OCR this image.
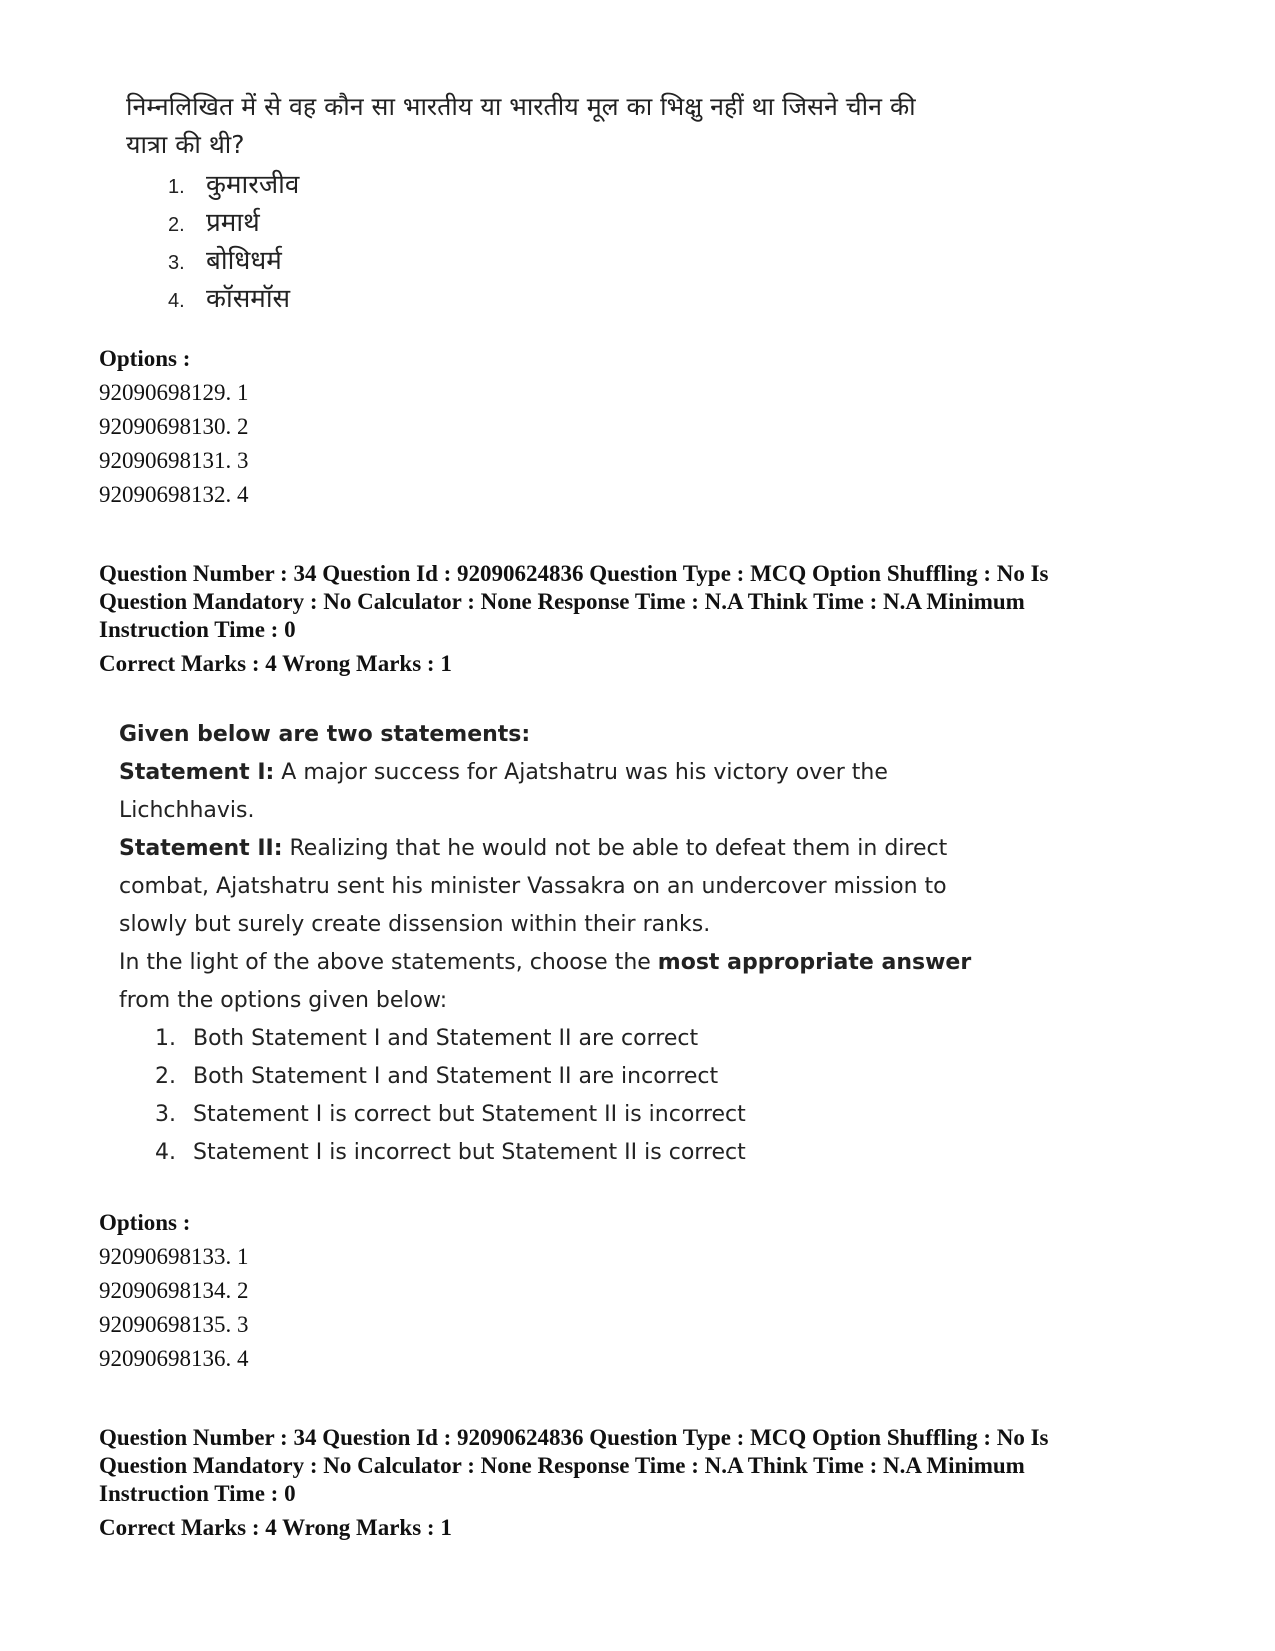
निम्नलिखित में से वह कौन सा भारतीय या भारतीय मूल का भिक्षु नहीं था जिसने चीन की यात्रा की थी?

1. कुमारजीव
2. प्रमार्थ
3. बोधिधर्म
4. कॉसमॉस
Options :
92090698129. 1
92090698130. 2
92090698131. 3
92090698132. 4
Question Number : 34 Question Id : 92090624836 Question Type : MCQ Option Shuffling : No Is
Question Mandatory : No Calculator : None Response Time : N.A Think Time : N.A Minimum
Instruction Time : 0
Correct Marks : 4 Wrong Marks : 1

Given below are two statements:

Statement I: A major success for Ajatshatru was his victory over the Lichchhavis.

Statement II: Realizing that he would not be able to defeat them in direct combat, Ajatshatru sent his minister Vassakra on an undercover mission to slowly but surely create dissension within their ranks.

In the light of the above statements, choose the most appropriate answer from the options given below:

1. Both Statement I and Statement II are correct
2. Both Statement I and Statement II are incorrect
3. Statement I is correct but Statement II is incorrect
4. Statement I is incorrect but Statement II is correct
Options :
92090698133. 1
92090698134. 2
92090698135. 3
92090698136. 4
Question Number : 34 Question Id : 92090624836 Question Type : MCQ Option Shuffling : No Is
Question Mandatory : No Calculator : None Response Time : N.A Think Time : N.A Minimum
Instruction Time : 0
Correct Marks : 4 Wrong Marks : 1
